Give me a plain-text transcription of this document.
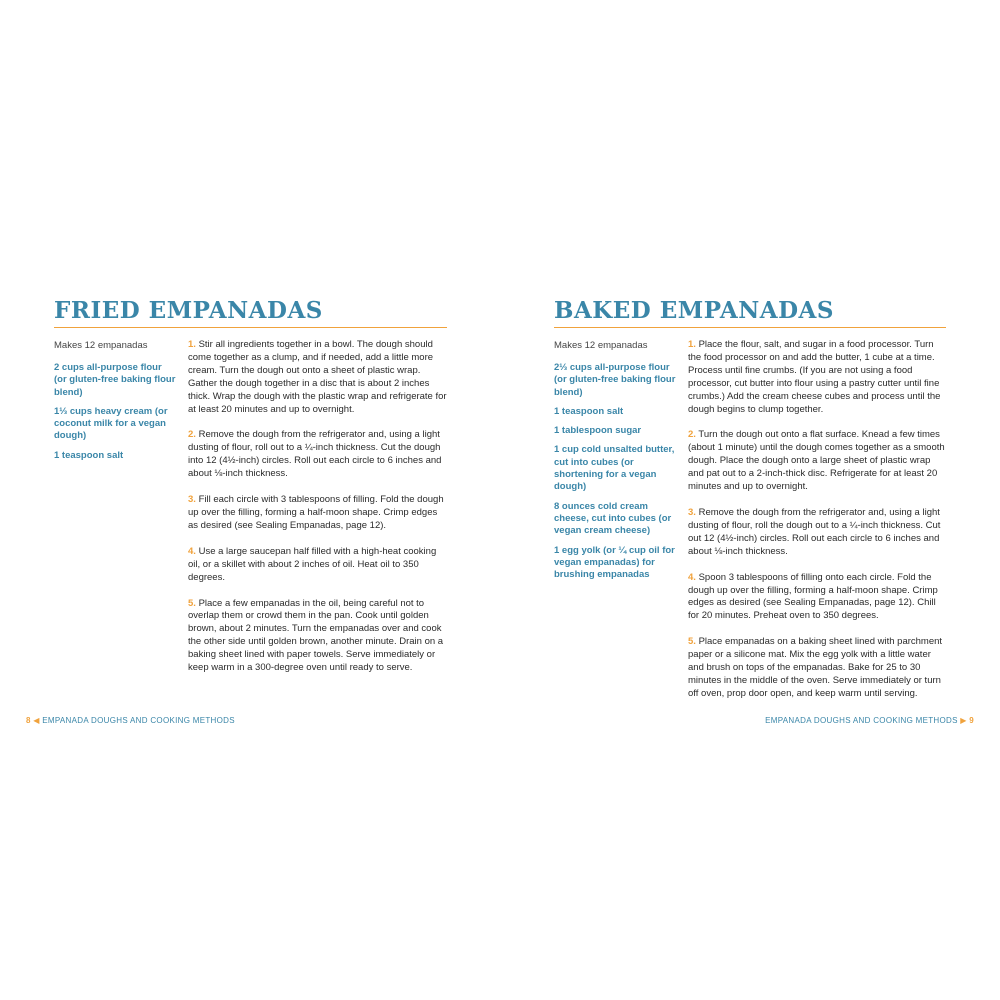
FRIED EMPANADAS
Makes 12 empanadas
2 cups all-purpose flour (or gluten-free baking flour blend)
1⅓ cups heavy cream (or coconut milk for a vegan dough)
1 teaspoon salt
1. Stir all ingredients together in a bowl. The dough should come together as a clump, and if needed, add a little more cream. Turn the dough out onto a sheet of plastic wrap. Gather the dough together in a disc that is about 2 inches thick. Wrap the dough with the plastic wrap and refrigerate for at least 20 minutes and up to overnight.
2. Remove the dough from the refrigerator and, using a light dusting of flour, roll out to a ¼-inch thickness. Cut the dough into 12 (4½-inch) circles. Roll out each circle to 6 inches and about ⅛-inch thickness.
3. Fill each circle with 3 tablespoons of filling. Fold the dough up over the filling, forming a half-moon shape. Crimp edges as desired (see Sealing Empanadas, page 12).
4. Use a large saucepan half filled with a high-heat cooking oil, or a skillet with about 2 inches of oil. Heat oil to 350 degrees.
5. Place a few empanadas in the oil, being careful not to overlap them or crowd them in the pan. Cook until golden brown, about 2 minutes. Turn the empanadas over and cook the other side until golden brown, another minute. Drain on a baking sheet lined with paper towels. Serve immediately or keep warm in a 300-degree oven until ready to serve.
8 ◀ EMPANADA DOUGHS AND COOKING METHODS
BAKED EMPANADAS
Makes 12 empanadas
2⅓ cups all-purpose flour (or gluten-free baking flour blend)
1 teaspoon salt
1 tablespoon sugar
1 cup cold unsalted butter, cut into cubes (or shortening for a vegan dough)
8 ounces cold cream cheese, cut into cubes (or vegan cream cheese)
1 egg yolk (or ¼ cup oil for vegan empanadas) for brushing empanadas
1. Place the flour, salt, and sugar in a food processor. Turn the food processor on and add the butter, 1 cube at a time. Process until fine crumbs. (If you are not using a food processor, cut butter into flour using a pastry cutter until fine crumbs.) Add the cream cheese cubes and process until the dough begins to clump together.
2. Turn the dough out onto a flat surface. Knead a few times (about 1 minute) until the dough comes together as a smooth dough. Place the dough onto a large sheet of plastic wrap and pat out to a 2-inch-thick disc. Refrigerate for at least 20 minutes and up to overnight.
3. Remove the dough from the refrigerator and, using a light dusting of flour, roll the dough out to a ¼-inch thickness. Cut out 12 (4½-inch) circles. Roll out each circle to 6 inches and about ⅛-inch thickness.
4. Spoon 3 tablespoons of filling onto each circle. Fold the dough up over the filling, forming a half-moon shape. Crimp edges as desired (see Sealing Empanadas, page 12). Chill for 20 minutes. Preheat oven to 350 degrees.
5. Place empanadas on a baking sheet lined with parchment paper or a silicone mat. Mix the egg yolk with a little water and brush on tops of the empanadas. Bake for 25 to 30 minutes in the middle of the oven. Serve immediately or turn off oven, prop door open, and keep warm until serving.
EMPANADA DOUGHS AND COOKING METHODS ▶ 9
